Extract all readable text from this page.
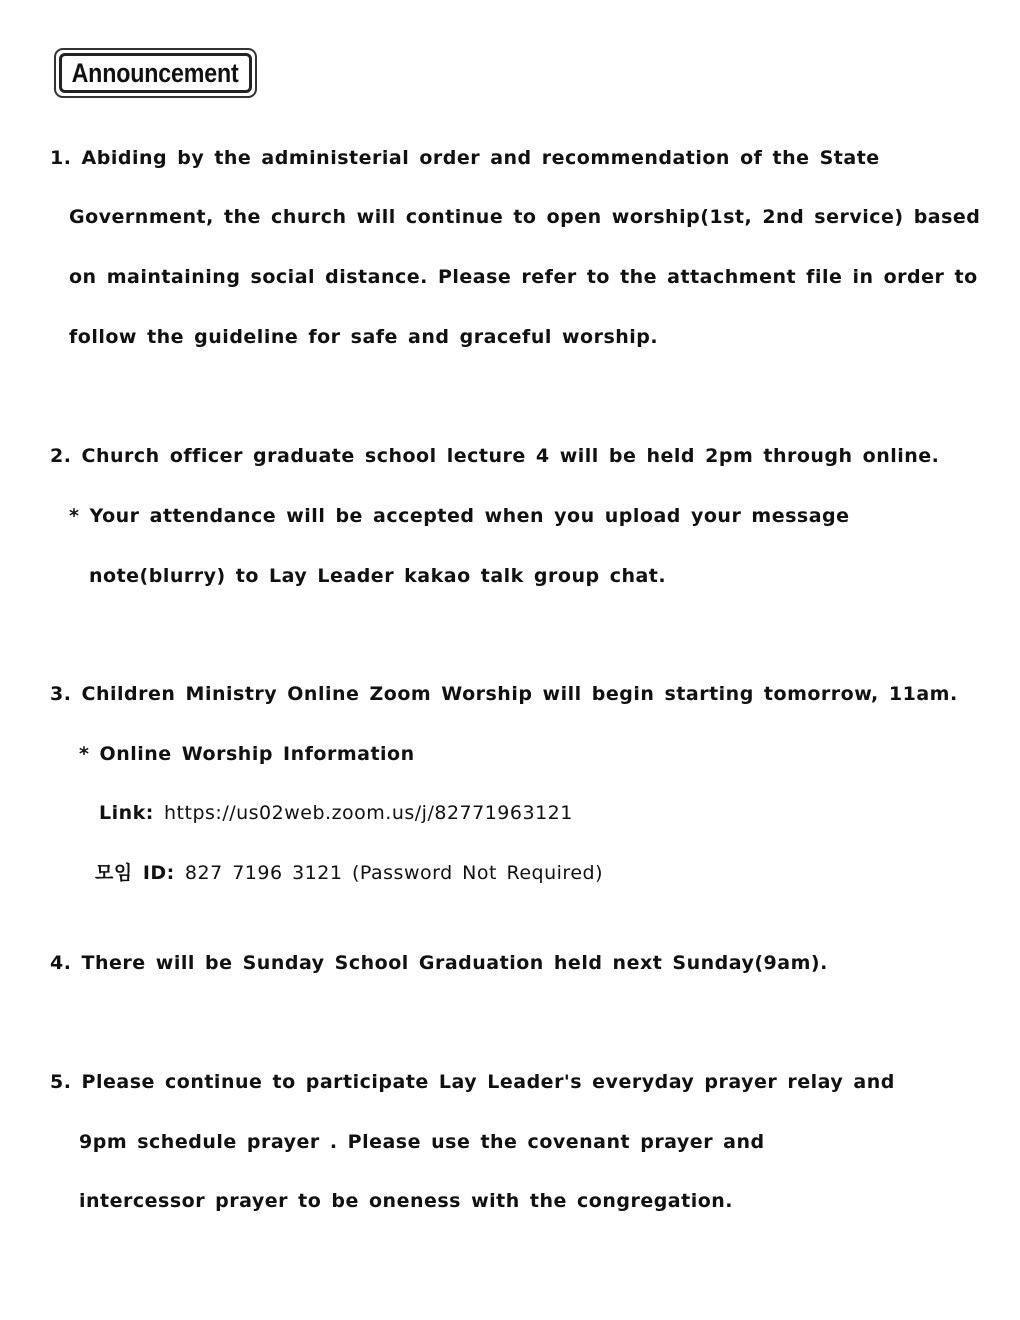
Announcement
1. Abiding by the administerial order and recommendation of the State
Government, the church will continue to open worship(1st, 2nd service) based
on maintaining social distance. Please refer to the attachment file in order to
follow the guideline for safe and graceful worship.
2. Church officer graduate school lecture 4 will be held 2pm through online.
* Your attendance will be accepted when you upload your message
note(blurry) to Lay Leader kakao talk group chat.
3. Children Ministry Online Zoom Worship will begin starting tomorrow, 11am.
* Online Worship Information
Link: https://us02web.zoom.us/j/82771963121
모임 ID: 827 7196 3121 (Password Not Required)
4. There will be Sunday School Graduation held next Sunday(9am).
5. Please continue to participate Lay Leader's everyday prayer relay and
9pm schedule prayer . Please use the covenant prayer and
intercessor prayer to be oneness with the congregation.
